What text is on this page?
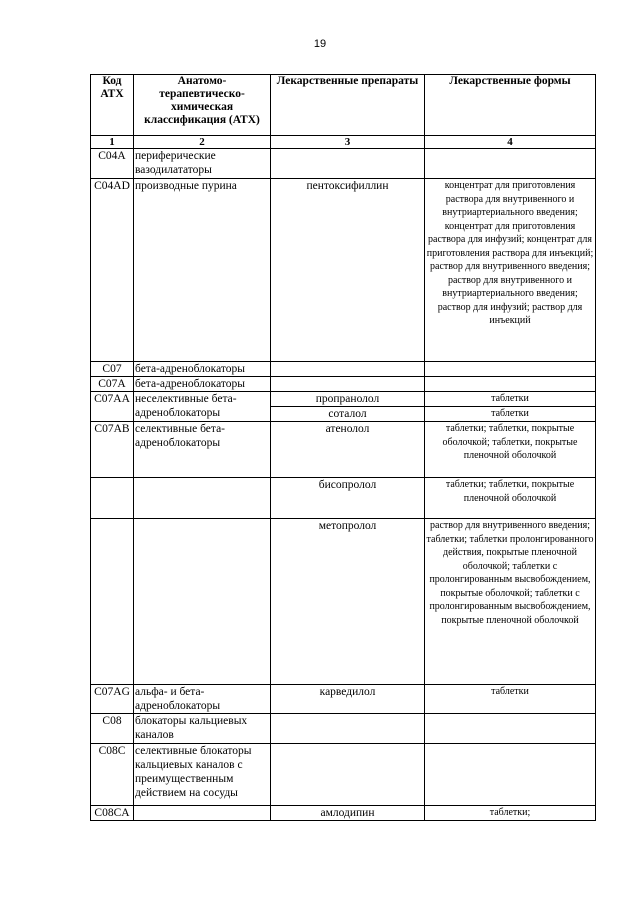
19
Код АТХ	Анатомо-терапевтическо-химическая классификация (АТХ)	Лекарственные препараты	Лекарственные формы
1	2	3	4
C04A	периферические вазодилататоры		
C04AD	производные пурина	пентоксифиллин	концентрат для приготовления раствора для внутривенного и внутриартериального введения; концентрат для приготовления раствора для инфузий; концентрат для приготовления раствора для инъекций; раствор для внутривенного введения; раствор для внутривенного и внутриартериального введения; раствор для инфузий; раствор для инъекций
C07	бета-адреноблокаторы		
C07A	бета-адреноблокаторы		
C07AA	неселективные бета-адреноблокаторы	пропранолол	таблетки
		соталол	таблетки
C07AB	селективные бета-адреноблокаторы	атенолол	таблетки; таблетки, покрытые оболочкой; таблетки, покрытые пленочной оболочкой
		бисопролол	таблетки; таблетки, покрытые пленочной оболочкой
		метопролол	раствор для внутривенного введения; таблетки; таблетки пролонгированного действия, покрытые пленочной оболочкой; таблетки с пролонгированным высвобождением, покрытые оболочкой; таблетки с пролонгированным высвобождением, покрытые пленочной оболочкой
C07AG	альфа- и бета-адреноблокаторы	карведилол	таблетки
C08	блокаторы кальциевых каналов		
C08C	селективные блокаторы кальциевых каналов с преимущественным действием на сосуды		
C08CA		амлодипин	таблетки;
